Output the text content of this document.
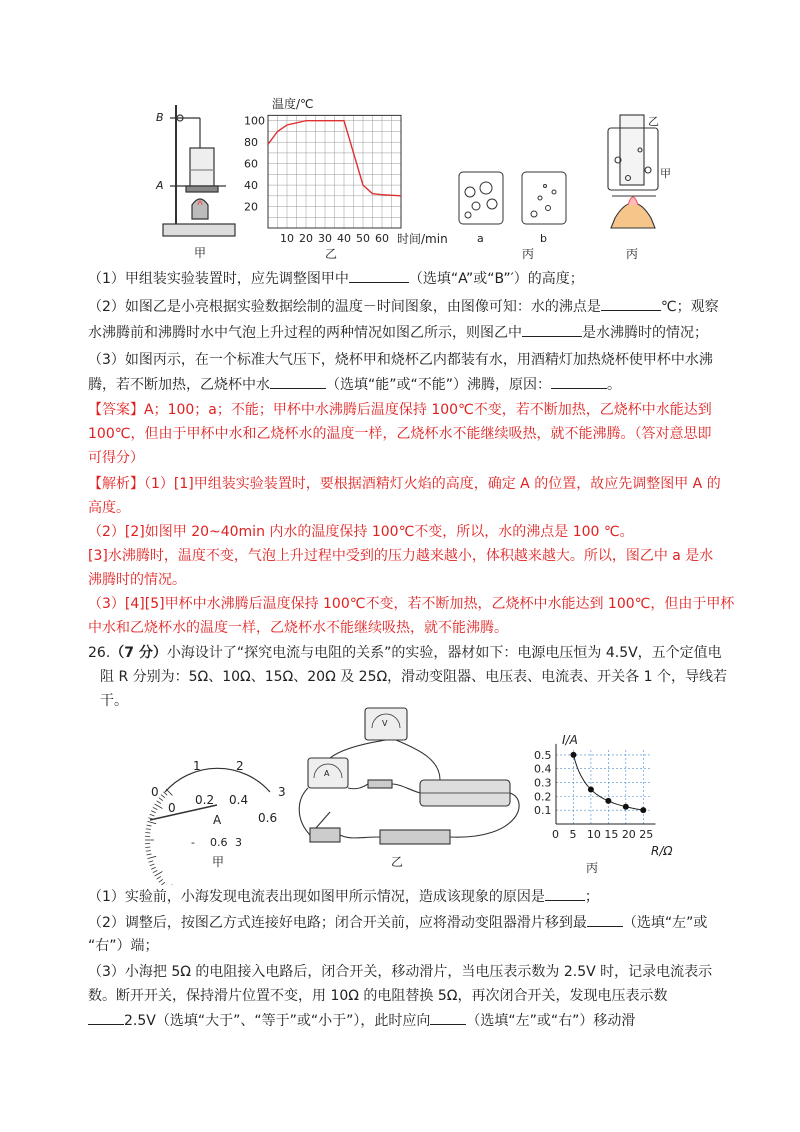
B
A
甲
10 20 30 40 50 60
20
40
60
80
100
温度/℃
时间/min
乙
a	b
丙
乙
甲
丙
（1）甲组装实验装置时，应先调整图甲中	（选填“A”或“B”′）的高度；
（2）如图乙是小亮根据实验数据绘制的温度－时间图象，由图像可知：水的沸点是	℃；观察
水沸腾前和沸腾时水中气泡上升过程的两种情况如图乙所示，则图乙中	是水沸腾时的情况；
（3）如图丙示，在一个标准大气压下，烧杯甲和烧杯乙内都装有水，用酒精灯加热烧杯使甲杯中水沸
腾，若不断加热，乙烧杯中水	（选填“能”或“不能”）沸腾，原因：	。
【答案】A；100；a；不能；甲杯中水沸腾后温度保持 100℃不变，若不断加热，乙烧杯中水能达到
100℃，但由于甲杯中水和乙烧杯水的温度一样，乙烧杯水不能继续吸热，就不能沸腾。（答对意思即
可得分）
【解析】（1）[1]甲组装实验装置时，要根据酒精灯火焰的高度，确定 A 的位置，故应先调整图甲 A 的
高度。
（2）[2]如图甲 20~40min 内水的温度保持 100℃不变，所以，水的沸点是 100 ℃。
[3]水沸腾时，温度不变，气泡上升过程中受到的压力越来越小，体积越来越大。所以，图乙中 a 是水
沸腾时的情况。
（3）[4][5]甲杯中水沸腾后温度保持 100℃不变，若不断加热，乙烧杯中水能达到 100℃，但由于甲杯
中水和乙烧杯水的温度一样，乙烧杯水不能继续吸热，就不能沸腾。
26.（7 分）小海设计了“探究电流与电阻的关系”的实验，器材如下：电源电压恒为 4.5V，五个定值电
阻 R 分别为：5Ω、10Ω、15Ω、20Ω 及 25Ω，滑动变阻器、电压表、电流表、开关各 1 个，导线若
干。
0
1	2
3
0
0.2 0.4
0.6
A
- 0.6 3
甲
V
A
乙
0 5 10 15 20 25
0.1
0.2
0.3
0.4
0.5
I/A
R/Ω
丙
（1）实验前，小海发现电流表出现如图甲所示情况，造成该现象的原因是	；
（2）调整后，按图乙方式连接好电路；闭合开关前，应将滑动变阻器滑片移到最	（选填“左”或
“右”）端；
（3）小海把 5Ω 的电阻接入电路后，闭合开关，移动滑片，当电压表示数为 2.5V 时，记录电流表示
数。断开开关，保持滑片位置不变，用 10Ω 的电阻替换 5Ω，再次闭合开关，发现电压表示数
2.5V（选填“大于”、“等于”或“小于”），此时应向	（选填“左”或“右”）移动滑
